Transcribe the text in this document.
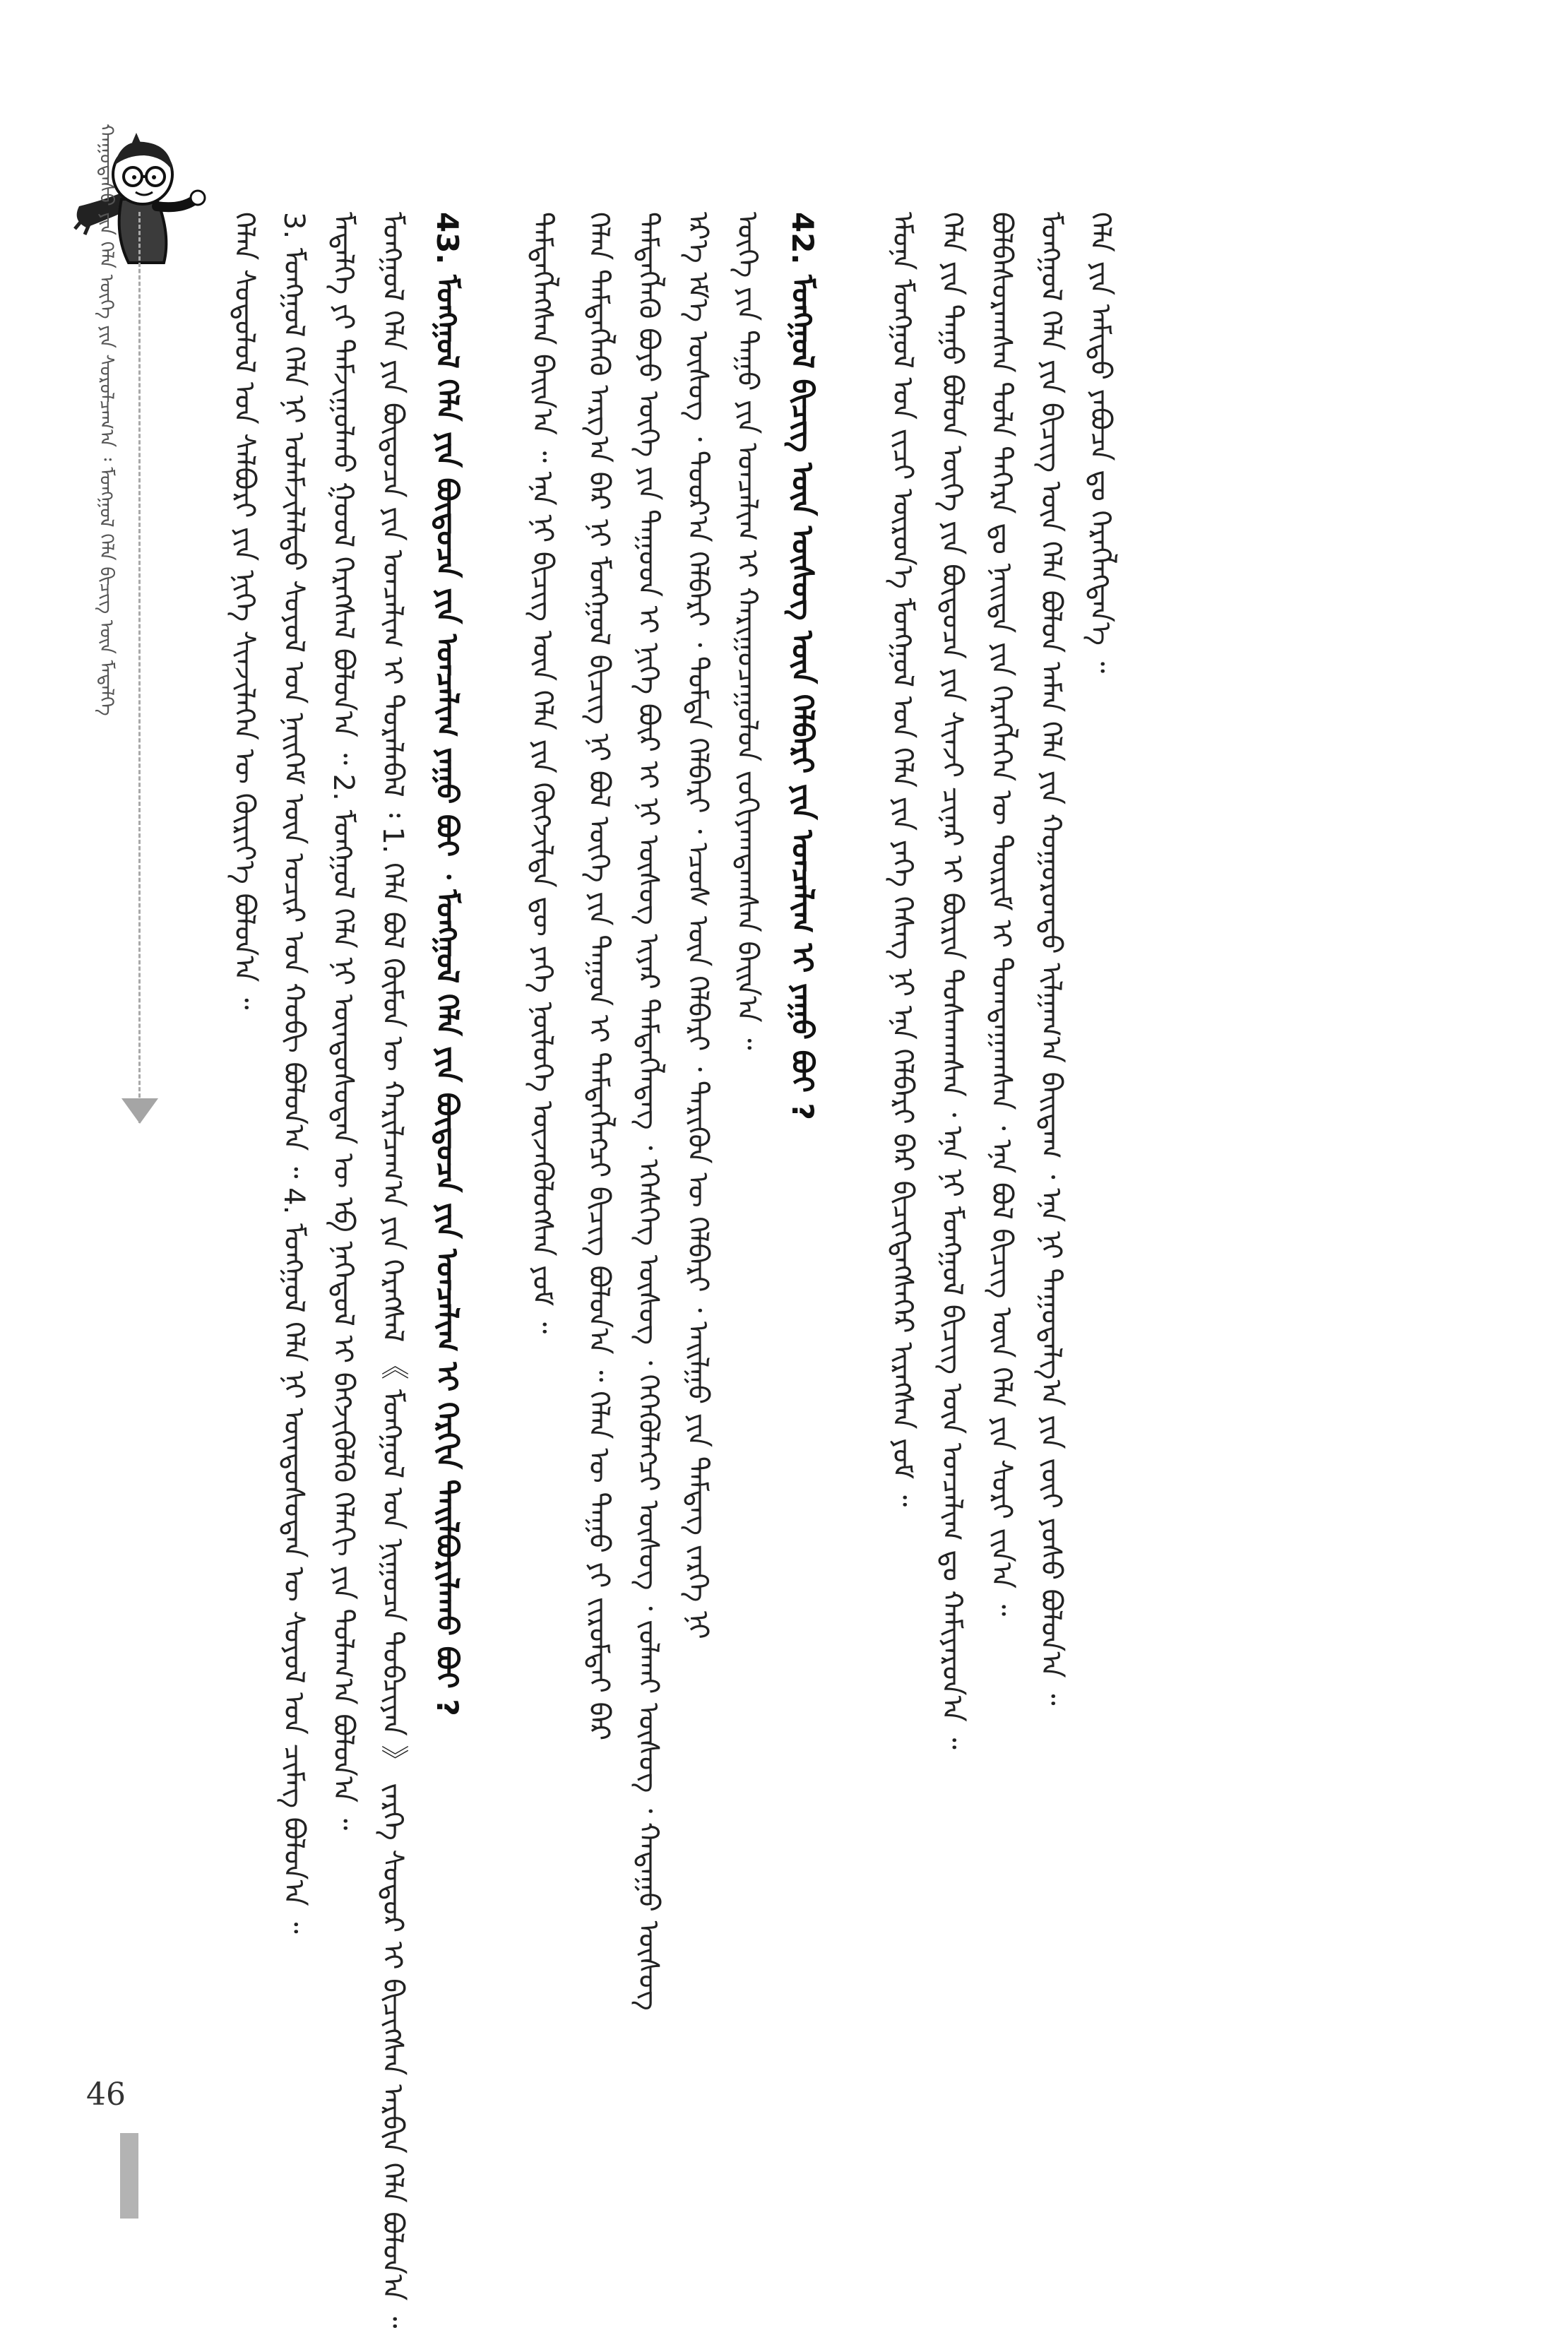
ᠬᠠᠭᠤᠳᠠᠰᠤ ᠶᠢᠨ ᠬᠡᠯᠡ ᠦᠭᠡ ᠶᠢᠨ ᠰᠤᠷᠤᠯᠴᠠᠭ᠎ᠠ ᠄ ᠮᠣᠩᠭᠣᠯ ᠬᠡᠯᠡ ᠪᠢᠴᠢᠭ᠌ ᠦᠨ ᠮᠡᠳᠡᠯᠭᠡ	ᠬᠡᠯᠡᠨ ᠰᠤᠳᠤᠯᠤᠯ ᠤᠨ ᠰᠠᠯᠪᠤᠷᠢ ᠶᠢᠨ ᠨᠢᠭᠡ ᠰᠢᠨᠵᠢᠯᠡᠭᠡᠨ ᠦ ᠬᠦᠷᠢᠶ᠎ᠡ ᠪᠣᠯᠤᠨ᠎ᠠ ᠃ 3. ᠮᠣᠩᠭᠣᠯ ᠬᠡᠯᠡ ᠨᠢ ᠤᠯᠠᠮᠵᠢᠯᠠᠯᠲᠤ ᠰᠤᠶᠤᠯ ᠤᠨ ᠨᠡᠢᠭᠡᠮ ᠦᠨ ᠤᠴᠢᠷ ᠤᠨ ᠬᠤᠪᠢ ᠪᠣᠯᠤᠨ᠎ᠠ ᠃ 4. ᠮᠣᠩᠭᠣᠯ ᠬᠡᠯᠡ ᠨᠢ ᠦᠨᠳᠦᠰᠦᠲᠡᠨ ᠦ ᠰᠤᠶᠤᠯ ᠤᠨ ᠴᠢᠮᠡᠭ ᠪᠣᠯᠤᠨ᠎ᠠ ᠃ ᠮᠡᠳᠡᠯᠭᠡ ᠶᠢ ᠳᠠᠮᠵᠢᠭᠤᠯᠬᠤ ᠭᠣᠣᠯ ᠬᠡᠷᠡᠭᠰᠡᠯ ᠪᠣᠯᠤᠨ᠎ᠠ ᠃ 2. ᠮᠣᠩᠭᠣᠯ ᠬᠡᠯᠡ ᠨᠢ ᠦᠨᠳᠦᠰᠦᠲᠡᠨ ᠦ ᠡᠪ ᠨᠡᠭᠡᠳᠦᠯ ᠢ ᠪᠡᠬᠵᠢᠭᠦᠯᠬᠦ ᠬᠡᠯᠡᠬᠢ ᠶᠢᠨ ᠲᠤᠯᠠᠭ᠎ᠠ ᠪᠣᠯᠤᠨ᠎ᠠ ᠃ ᠮᠣᠩᠭᠣᠯ ᠬᠡᠯᠡ ᠶᠢᠨ ᠪᠦᠲᠦᠴᠡ ᠶᠢᠨ ᠣᠨᠴᠠᠯᠢᠭ ᠢ ᠳᠤᠷᠠᠯᠠᠪᠠᠯ ᠄ 1. ᠬᠡᠯᠡ ᠪᠣᠯ ᠬᠦᠮᠦᠨ ᠦ ᠬᠠᠷᠢᠯᠴᠠᠭ᠎ᠠ ᠶᠢᠨ ᠬᠡᠷᠡᠭᠰᠡᠯ 《 ᠮᠣᠩᠭᠣᠯ ᠤᠨ ᠨᠢᠭᠤᠴᠠ ᠲᠣᠪᠴᠢᠶᠠᠨ 》 ᠵᠡᠷᠭᠡ ᠰᠣᠳᠤᠷ ᠢ ᠪᠢᠴᠢᠭᠰᠡᠨ ᠠᠷᠪᠢᠨ ᠬᠡᠯᠡ ᠪᠣᠯᠤᠨ᠎ᠠ ᠃ 43. ᠮᠣᠩᠭᠣᠯ ᠬᠡᠯᠡ ᠶᠢᠨ ᠪᠦᠲᠦᠴᠡ ᠶᠢᠨ ᠣᠨᠴᠠᠯᠢᠭ ᠶᠠᠭᠤ ᠪᠤᠢ ᠂ ᠮᠣᠩᠭᠣᠯ ᠬᠡᠯᠡ ᠶᠢᠨ ᠪᠦᠲᠦᠴᠡ ᠶᠢᠨ ᠣᠨᠴᠠᠯᠢᠭ ᠢ ᠬᠡᠷᠬᠢᠨ ᠲᠠᠢᠯᠪᠤᠷᠢᠯᠠᠬᠤ ᠪᠤᠢ ? ᠲᠡᠮᠳᠡᠭᠯᠡᠭᠰᠡᠨ ᠪᠠᠢᠨ᠎ᠠ ᠃ ᠡᠨᠡ ᠨᠢ ᠪᠢᠴᠢᠭ᠌ ᠦᠨ ᠬᠡᠯᠡ ᠶᠢᠨ ᠬᠦᠭᠵᠢᠯᠲᠡ ᠳᠦ ᠶᠡᠬᠡ ᠨᠥᠯᠦᠭᠡ ᠦᠵᠡᠭᠦᠯᠦᠭᠰᠡᠨ ᠶᠤᠮ ᠃ ᠬᠡᠯᠡᠨ ᠲᠡᠮᠳᠡᠭᠯᠡᠬᠦ ᠠᠷᠭ᠎ᠠ ᠪᠠᠷ ᠨᠢ ᠮᠣᠩᠭᠣᠯ ᠪᠢᠴᠢᠭ᠌ ᠨᠢ ᠪᠤᠯ ᠦᠭᠡ ᠶᠢᠨ ᠳᠠᠭᠤᠨ ᠢ ᠲᠡᠮᠳᠡᠭᠯᠡᠭᠴᠢ ᠪᠢᠴᠢᠭ᠌ ᠪᠣᠯᠤᠨ᠎ᠠ ᠃ ᠬᠡᠯᠡᠨ ᠦ ᠳᠠᠭᠤ ᠶᠢ ᠵᠢᠷᠤᠮᠲᠠᠢ ᠪᠡᠷ ᠲᠡᠮᠳᠡᠭᠯᠡᠬᠦ ᠪᠤᠶᠤ ᠦᠭᠡ ᠶᠢᠨ ᠳᠠᠭᠤᠳ ᠢ ᠨᠢᠭᠡ ᠪᠦᠷ ᠢ ᠨᠢ ᠦᠰᠦᠭ ᠢᠶᠡᠷ ᠲᠡᠮᠳᠡᠭᠯᠡᠳᠡᠭ ᠂ ᠡᠭᠡᠰᠭᠡᠭ ᠦᠰᠦᠭ ᠂ ᠭᠡᠭᠡᠭᠦᠯᠡᠭᠴᠢ ᠦᠰᠦᠭ ᠂ ᠵᠤᠯᠬᠠᠢ ᠦᠰᠦᠭ ᠂ ᠬᠠᠲᠠᠭᠤ ᠦᠰᠦᠭ ᠡᠷ᠎ᠡ ᠡᠮ᠎ᠡ ᠦᠰᠦᠭ ᠂ ᠳᠣᠣᠷ᠎ᠠ ᠬᠡᠯᠪᠡᠷᠢ ᠂ ᠳᠤᠮᠳᠠ ᠬᠡᠯᠪᠡᠷᠢ ᠂ ᠡᠴᠦᠰ ᠦᠨ ᠬᠡᠯᠪᠡᠷᠢ ᠂ ᠲᠡᠷᠢᠭᠦᠨ ᠦ ᠬᠡᠯᠪᠡᠷᠢ ᠂ ᠠᠢᠯᠭᠤ ᠶᠢᠨ ᠲᠡᠮᠳᠡᠭ ᠵᠡᠷᠭᠡ ᠨᠢ ᠦᠭᠡ ᠶᠢᠨ ᠳᠠᠭᠤ ᠶᠢᠨ ᠣᠨᠴᠠᠯᠢᠭ ᠢ ᠬᠠᠷᠢᠭᠤᠴᠠᠭᠤᠯᠤᠨ ᠵᠣᠬᠢᠶᠠᠭᠳᠠᠭᠰᠠᠨ ᠪᠠᠢᠨ᠎ᠠ ᠃ 42. ᠮᠣᠩᠭᠣᠯ ᠪᠢᠴᠢᠭ᠌ ᠦᠨ ᠦᠰᠦᠭ ᠦᠨ ᠬᠡᠯᠪᠡᠷᠢ ᠶᠢᠨ ᠣᠨᠴᠠᠯᠢᠭ ᠢ ᠶᠠᠭᠤ ᠪᠤᠢ ? ᠡᠮᠦᠨᠡ ᠮᠣᠩᠭᠣᠯ ᠤᠨ ᠵᠢᠴᠢ ᠦᠷᠦᠨ᠎ᠡ ᠮᠣᠩᠭᠣᠯ ᠤᠨ ᠬᠡᠯᠡ ᠶᠢᠨ ᠶᠡᠬᠡ ᠬᠡᠰᠡᠭ ᠨᠢ ᠡᠨᠡ ᠬᠡᠯᠪᠡᠷᠢ ᠪᠡᠷ ᠪᠢᠴᠢᠭᠳᠡᠭᠰᠡᠭᠡᠷ ᠢᠷᠡᠭᠰᠡᠨ ᠶᠤᠮ ᠃ ᠬᠡᠯᠡ ᠶᠢᠨ ᠲᠠᠭᠤ ᠪᠣᠯᠤᠨ ᠦᠭᠡ ᠶᠢᠨ ᠪᠦᠲᠦᠴᠡ ᠶᠢᠨ ᠰᠢᠨᠵᠢ ᠴᠢᠨᠠᠷ ᠢ ᠪᠦᠷᠢᠨ ᠲᠤᠰᠬᠠᠭᠰᠠᠨ ᠂ ᠡᠨᠡ ᠨᠢ ᠮᠣᠩᠭᠣᠯ ᠪᠢᠴᠢᠭ᠌ ᠦᠨ ᠣᠨᠴᠠᠯᠢᠭ ᠳᠤ ᠬᠠᠮᠢᠶᠠᠷᠤᠨ᠎ᠠ ᠃ ᠪᠤᠯᠪᠠᠰᠤᠷᠠᠭᠰᠠᠨ ᠲᠤᠯᠠ ᠳᠡᠭᠡᠷᠡ ᠳᠤ ᠨᠡᠢᠲᠡ ᠶᠢᠨ ᠬᠡᠷᠡᠭᠯᠡᠭᠡᠨ ᠦ ᠳᠦᠷᠢᠮ ᠢ ᠲᠣᠭᠲᠠᠭᠠᠭᠰᠠᠨ ᠂ ᠡᠨᠡ ᠪᠣᠯ ᠪᠢᠴᠢᠭ᠌ ᠦᠨ ᠬᠡᠯᠡ ᠶᠢᠨ ᠰᠤᠷᠢ ᠵᠢᠨ᠎ᠠ ᠃ ᠮᠣᠩᠭᠣᠯ ᠬᠡᠯᠡ ᠶᠢᠨ ᠪᠢᠴᠢᠭ᠌ ᠦᠨ ᠬᠡᠯᠡ ᠪᠣᠯᠤᠨ ᠠᠮᠠᠨ ᠬᠡᠯᠡ ᠶᠢᠨ ᠬᠣᠭᠣᠷᠣᠨᠳᠤ ᠢᠯᠭᠠᠭ᠎ᠠ ᠪᠠᠢᠳᠠᠭ ᠂ ᠡᠨᠡ ᠨᠢ ᠳᠠᠭᠤᠳᠠᠯᠭ᠎ᠠ ᠶᠢᠨ ᠵᠦᠢ ᠶᠣᠰᠤ ᠪᠣᠯᠤᠨ᠎ᠠ ᠃ ᠬᠡᠯᠡ ᠶᠢᠨ ᠠᠮᠢᠳᠤ ᠶᠠᠪᠤᠴᠠ ᠳᠤ ᠬᠡᠷᠡᠭᠯᠡᠭᠳᠡᠨ᠎ᠡ ᠃
46
